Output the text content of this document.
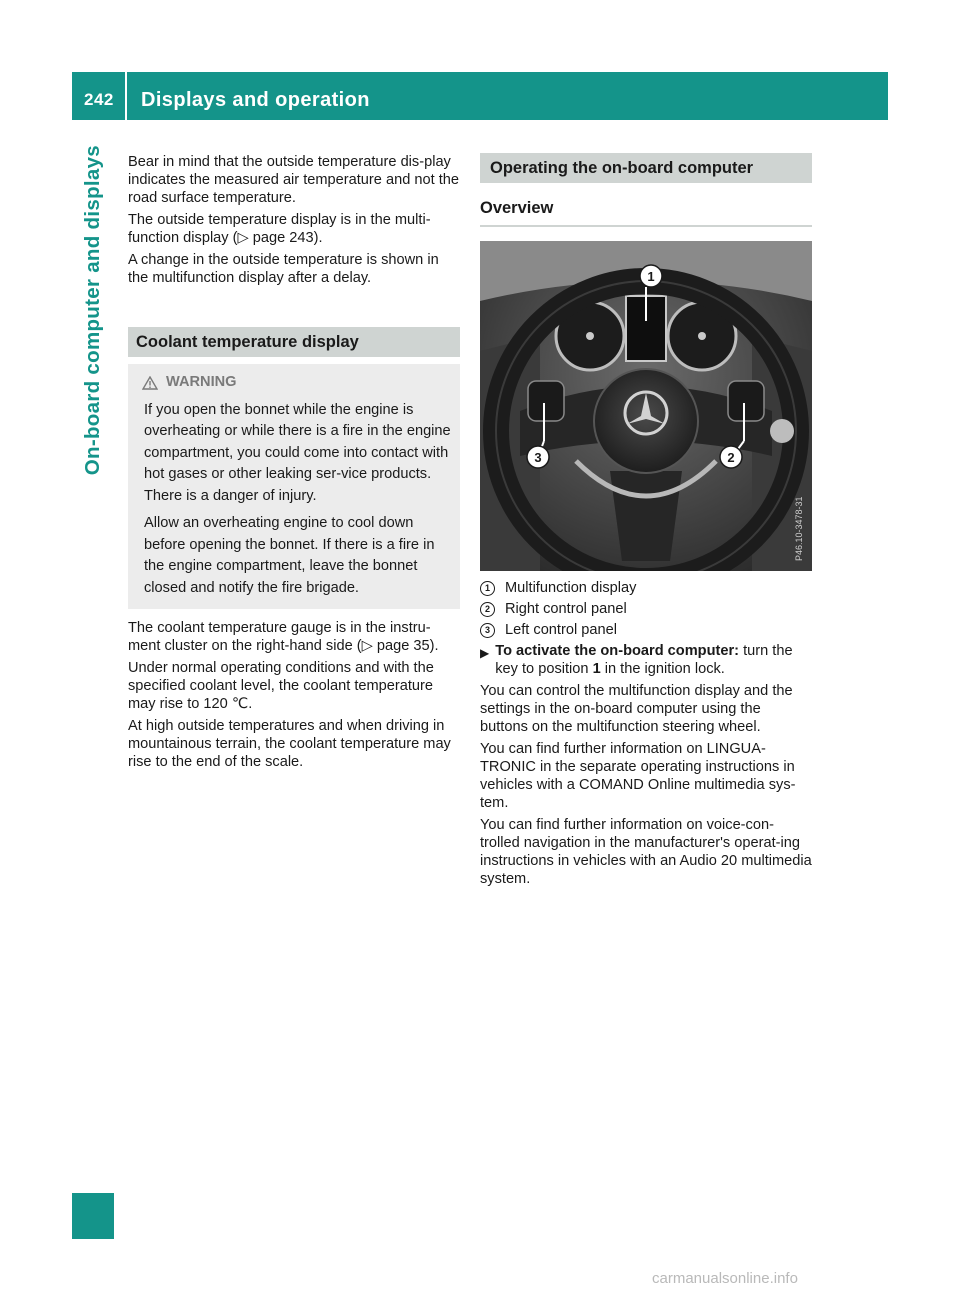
242 Displays and operation
On-board computer and displays Bear in mind that the outside temperature dis-play indicates the measured air temperature and not the road surface temperature.

The outside temperature display is in the multi-function display (▷ page 243).

A change in the outside temperature is shown in the multifunction display after a delay.

Coolant temperature display
WARNING

If you open the bonnet while the engine is overheating or while there is a fire in the engine compartment, you could come into contact with hot gases or other leaking ser-vice products. There is a danger of injury.

Allow an overheating engine to cool down before opening the bonnet. If there is a fire in the engine compartment, leave the bonnet closed and notify the fire brigade.

The coolant temperature gauge is in the instru-ment cluster on the right-hand side (▷ page 35).

Under normal operating conditions and with the specified coolant level, the coolant temperature may rise to 120 ℃.

At high outside temperatures and when driving in mountainous terrain, the coolant temperature may rise to the end of the scale.

Operating the on-board computer
Overview
1
2
3
P46.10-3478-31
1	Multifunction display
2	Right control panel
3	Left control panel
▶ To activate the on-board computer: turn the key to position 1 in the ignition lock.

You can control the multifunction display and the settings in the on-board computer using the buttons on the multifunction steering wheel.

You can find further information on LINGUA-TRONIC in the separate operating instructions in vehicles with a COMAND Online multimedia sys-tem.

You can find further information on voice-con-trolled navigation in the manufacturer's operat-ing instructions in vehicles with an Audio 20 multimedia system.

carmanualsonline.info
